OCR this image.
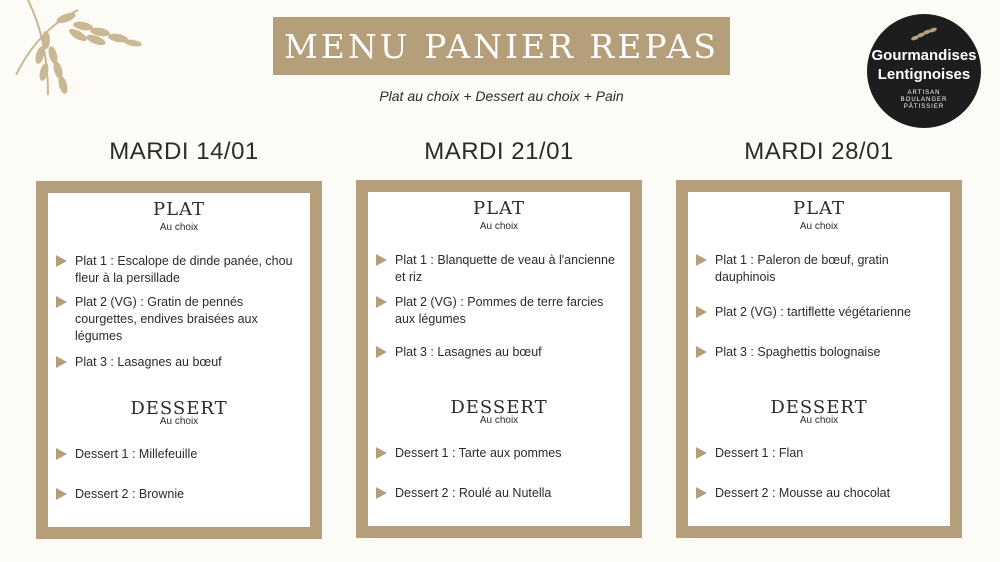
MENU PANIER REPAS
Plat au choix + Dessert au choix + Pain
Gourmandises
Lentignoises
ARTISAN
BOULANGER
PÂTISSIER
MARDI 14/01
PLAT
Au choix
Plat 1 : Escalope de dinde panée, chou fleur à la persillade
Plat 2 (VG) : Gratin de pennés courgettes, endives braisées aux légumes
Plat 3 : Lasagnes au bœuf
DESSERT
Au choix
Dessert 1 : Millefeuille
Dessert 2 : Brownie
MARDI 21/01
PLAT
Au choix
Plat 1 : Blanquette de veau à l'ancienne et riz
Plat 2 (VG) : Pommes de terre farcies aux légumes
Plat 3 : Lasagnes au bœuf
DESSERT
Au choix
Dessert 1 : Tarte aux pommes
Dessert 2 : Roulé au Nutella
MARDI 28/01
PLAT
Au choix
Plat 1 : Paleron de bœuf, gratin dauphinois
Plat 2 (VG) : tartiflette végétarienne
Plat 3 : Spaghettis bolognaise
DESSERT
Au choix
Dessert 1 : Flan
Dessert 2 : Mousse au chocolat
